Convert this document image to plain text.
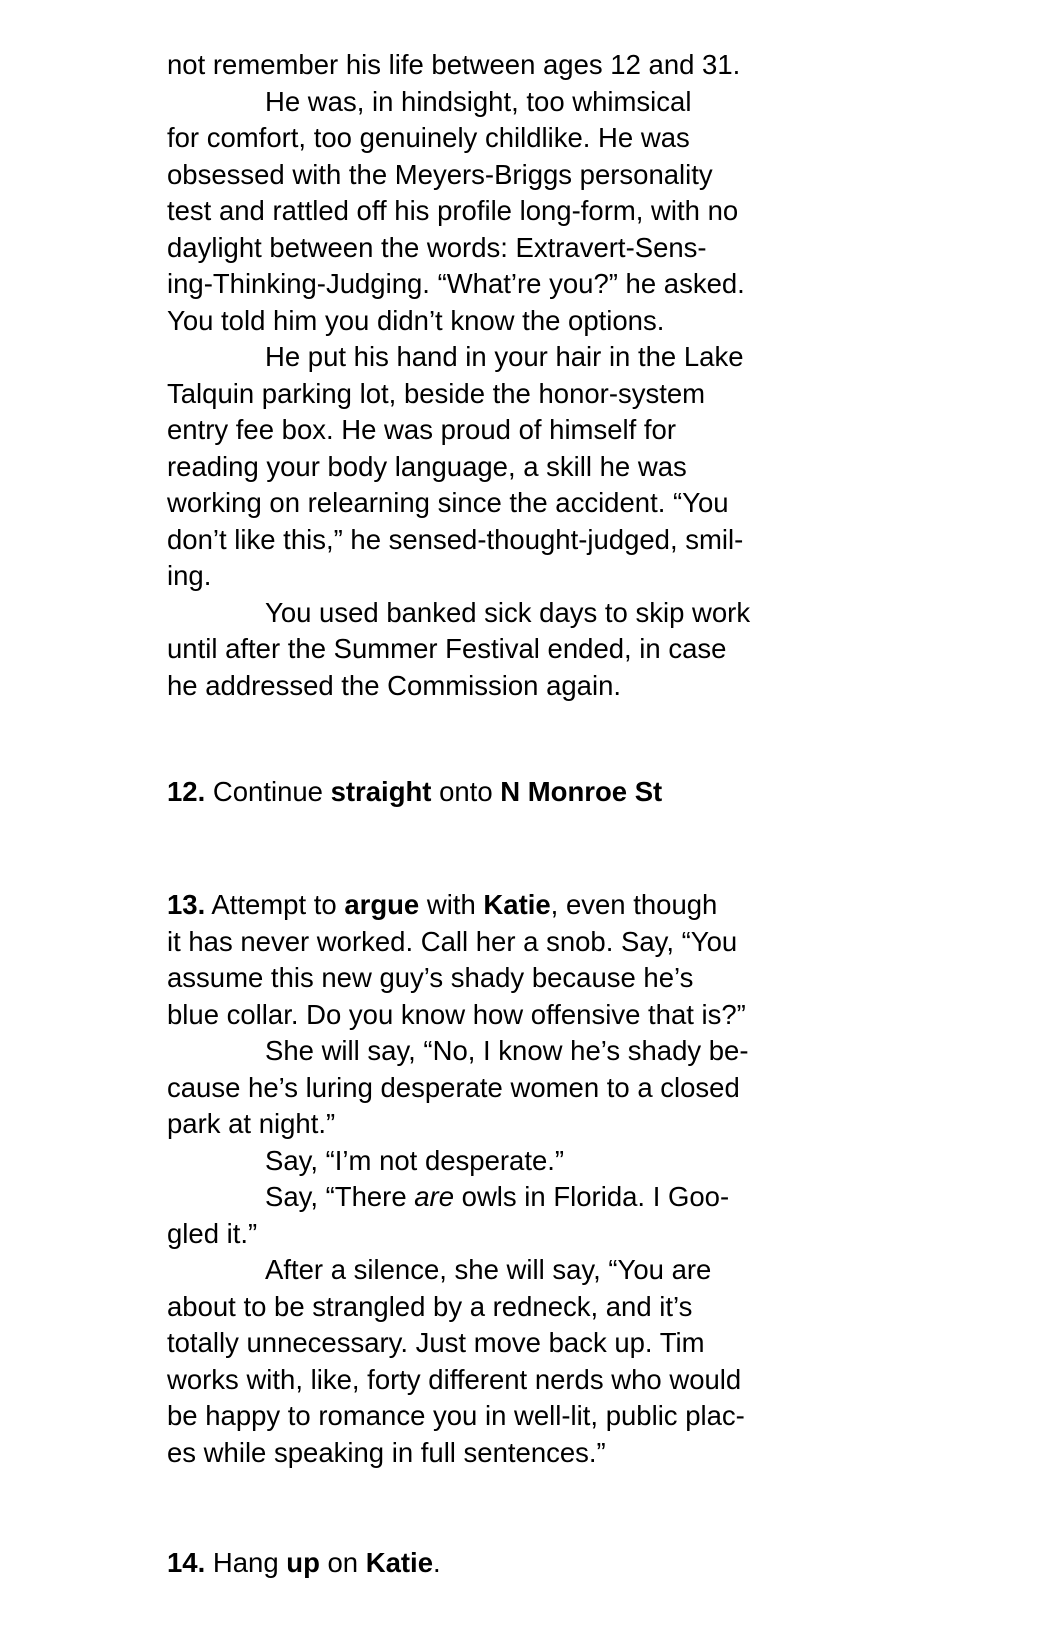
not remember his life between ages 12 and 31.
He was, in hindsight, too whimsical
for comfort, too genuinely childlike. He was
obsessed with the Meyers-Briggs personality
test and rattled off his profile long-form, with no
daylight between the words: Extravert-Sens-
ing-Thinking-Judging. “What’re you?” he asked.
You told him you didn’t know the options.
He put his hand in your hair in the Lake
Talquin parking lot, beside the honor-system
entry fee box. He was proud of himself for
reading your body language, a skill he was
working on relearning since the accident. “You
don’t like this,” he sensed-thought-judged, smil-
ing.
You used banked sick days to skip work
until after the Summer Festival ended, in case
he addressed the Commission again.
12. Continue straight onto N Monroe St
13. Attempt to argue with Katie, even though
it has never worked. Call her a snob. Say, “You
assume this new guy’s shady because he’s
blue collar. Do you know how offensive that is?”
She will say, “No, I know he’s shady be-
cause he’s luring desperate women to a closed
park at night.”
Say, “I’m not desperate.”
Say, “There are owls in Florida. I Goo-
gled it.”
After a silence, she will say, “You are
about to be strangled by a redneck, and it’s
totally unnecessary. Just move back up. Tim
works with, like, forty different nerds who would
be happy to romance you in well-lit, public plac-
es while speaking in full sentences.”
14. Hang up on Katie.
